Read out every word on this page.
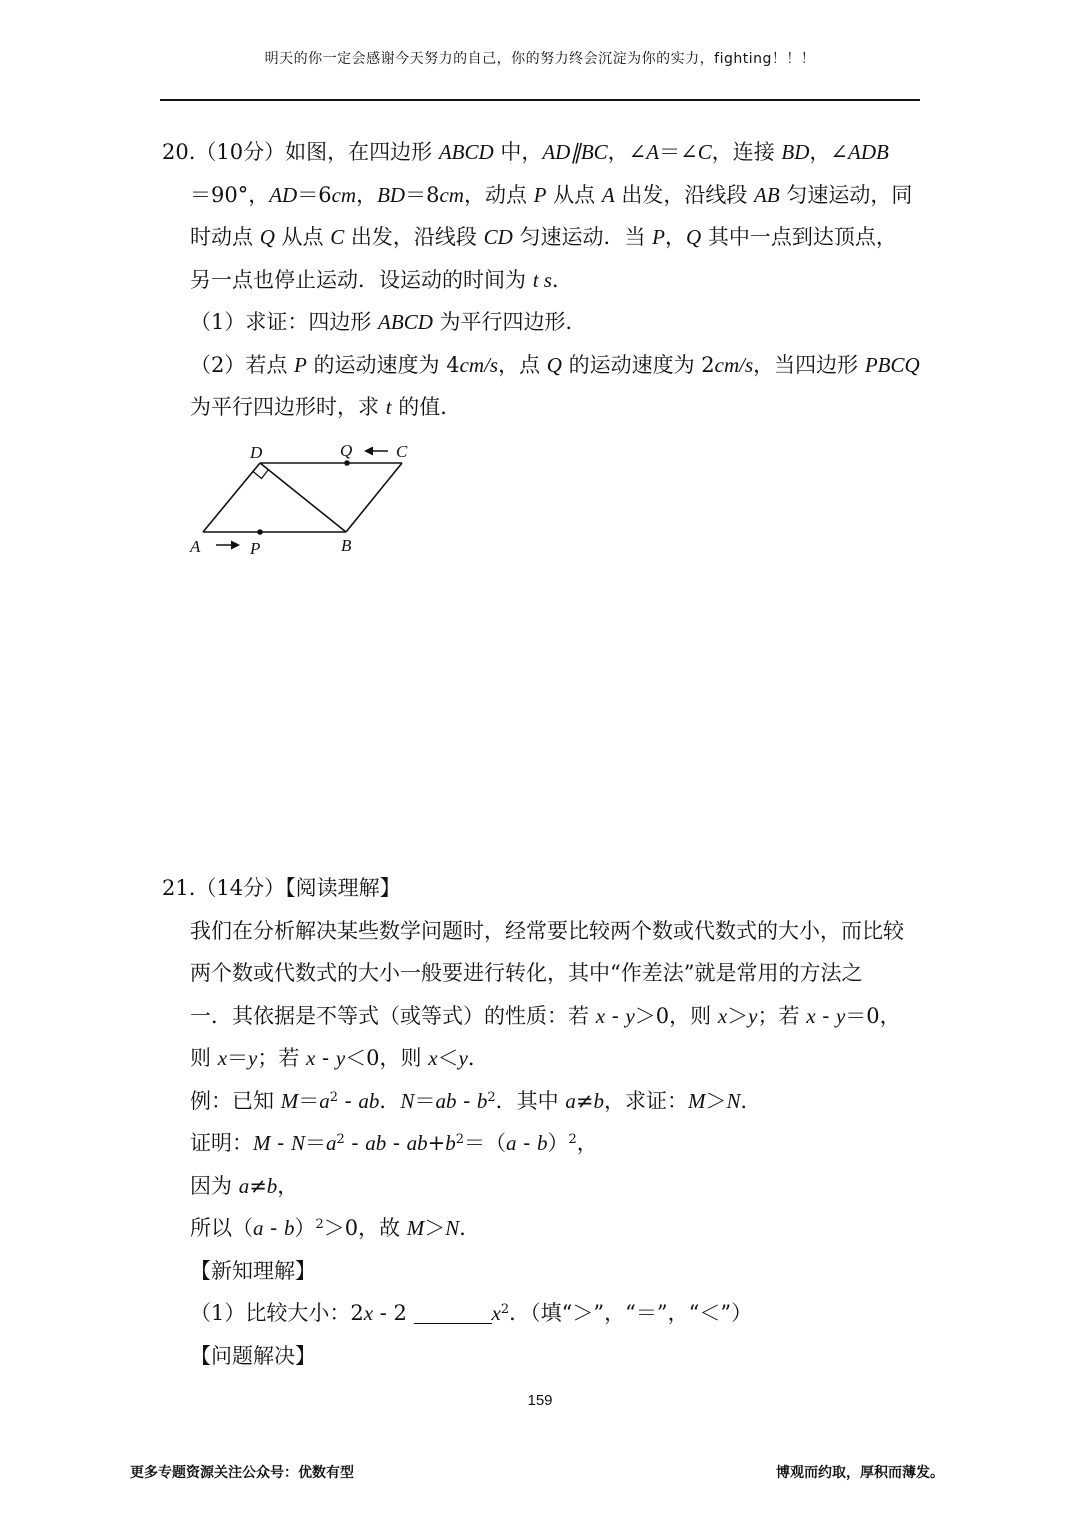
明天的你一定会感谢今天努力的自己，你的努力终会沉淀为你的实力，fighting！！！
20.（10分）如图，在四边形 ABCD 中，AD∥BC，∠A＝∠C，连接 BD，∠ADB
＝90°，AD＝6cm，BD＝8cm，动点 P 从点 A 出发，沿线段 AB 匀速运动，同
时动点 Q 从点 C 出发，沿线段 CD 匀速运动．当 P，Q 其中一点到达顶点，
另一点也停止运动．设运动的时间为 t s．
（1）求证：四边形 ABCD 为平行四边形．
（2）若点 P 的运动速度为 4cm/s，点 Q 的运动速度为 2cm/s，当四边形 PBCQ
为平行四边形时，求 t 的值．
D	Q	C
A	P	B
21.（14分）【阅读理解】
我们在分析解决某些数学问题时，经常要比较两个数或代数式的大小，而比较
两个数或代数式的大小一般要进行转化，其中“作差法”就是常用的方法之
一．其依据是不等式（或等式）的性质：若 x - y＞0，则 x＞y；若 x - y＝0，
则 x＝y；若 x - y＜0，则 x＜y．
例：已知 $M=a^2$ - ab．$N=ab - b^2$．其中 a≠b，求证：M＞N．
证明：$M - N=a^2$ - ab - $ab+b^2=(a - b)^2$，
因为 a≠b，
所以（a - b）$^2$＞0，故 M＞N．
【新知理解】
（1）比较大小：2x - 2	$x^2$．（填“＞”，“＝”，“＜”）
【问题解决】
159
更多专题资源关注公众号：优数有型	博观而约取，厚积而薄发。
